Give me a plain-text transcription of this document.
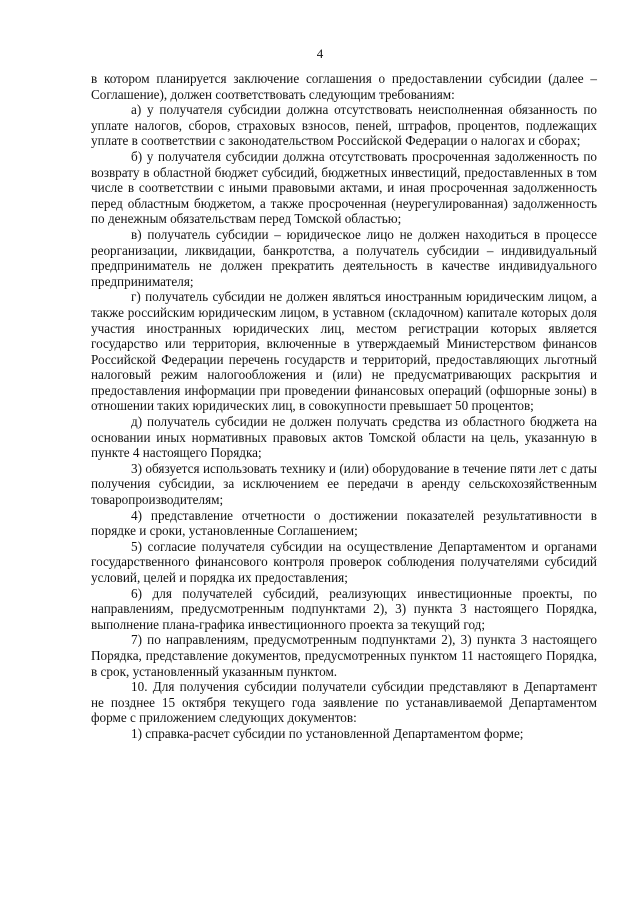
4

в котором планируется заключение соглашения о предоставлении субсидии (далее – Соглашение), должен соответствовать следующим требованиям:

а) у получателя субсидии должна отсутствовать неисполненная обязанность по уплате налогов, сборов, страховых взносов, пеней, штрафов, процентов, подлежащих уплате в соответствии с законодательством Российской Федерации о налогах и сборах;

б) у получателя субсидии должна отсутствовать просроченная задолженность по возврату в областной бюджет субсидий, бюджетных инвестиций, предоставленных в том числе в соответствии с иными правовыми актами, и иная просроченная задолженность перед областным бюджетом, а также просроченная (неурегулированная) задолженность по денежным обязательствам перед Томской областью;

в) получатель субсидии – юридическое лицо не должен находиться в процессе реорганизации, ликвидации, банкротства, а получатель субсидии – индивидуальный предприниматель не должен прекратить деятельность в качестве индивидуального предпринимателя;

г) получатель субсидии не должен являться иностранным юридическим лицом, а также российским юридическим лицом, в уставном (складочном) капитале которых доля участия иностранных юридических лиц, местом регистрации которых является государство или территория, включенные в утверждаемый Министерством финансов Российской Федерации перечень государств и территорий, предоставляющих льготный налоговый режим налогообложения и (или) не предусматривающих раскрытия и предоставления информации при проведении финансовых операций (офшорные зоны) в отношении таких юридических лиц, в совокупности превышает 50 процентов;

д) получатель субсидии не должен получать средства из областного бюджета на основании иных нормативных правовых актов Томской области на цель, указанную в пункте 4 настоящего Порядка;

3) обязуется использовать технику и (или) оборудование в течение пяти лет с даты получения субсидии, за исключением ее передачи в аренду сельскохозяйственным товаропроизводителям;

4) представление отчетности о достижении показателей результативности в порядке и сроки, установленные Соглашением;

5) согласие получателя субсидии на осуществление Департаментом и органами государственного финансового контроля проверок соблюдения получателями субсидий условий, целей и порядка их предоставления;

6) для получателей субсидий, реализующих инвестиционные проекты, по направлениям, предусмотренным подпунктами 2), 3) пункта 3 настоящего Порядка, выполнение плана-графика инвестиционного проекта за текущий год;

7) по направлениям, предусмотренным подпунктами 2), 3) пункта 3 настоящего Порядка, представление документов, предусмотренных пунктом 11 настоящего Порядка, в срок, установленный указанным пунктом.

10. Для получения субсидии получатели субсидии представляют в Департамент не позднее 15 октября текущего года заявление по устанавливаемой Департаментом форме с приложением следующих документов:

1) справка-расчет субсидии по установленной Департаментом форме;
